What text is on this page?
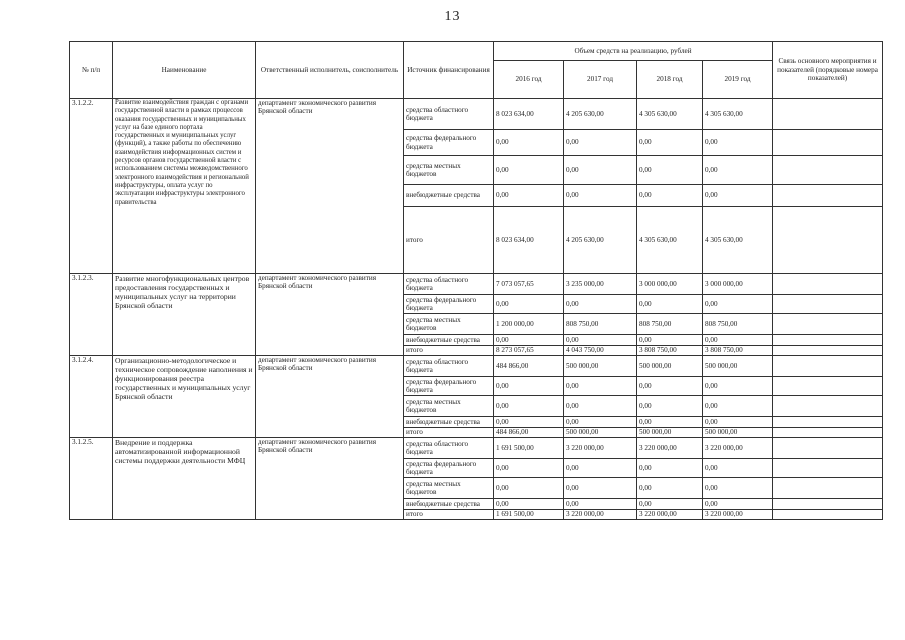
13
№ п/п	Наименование	Ответственный исполнитель, соисполнитель	Источник финансирования	Объем средств на реализацию, рублей				Связь основного мероприятия и показателей (порядковые номера показателей)
				2016 год	2017 год	2018 год	2019 год	
3.1.2.2.	Развитие взаимодействия граждан с органами государственной власти в рамках процессов оказания государственных и муниципальных услуг на базе единого портала государственных и муниципальных услуг (функций), а также работы по обеспечению взаимодействия информационных систем и ресурсов органов государственной власти с использованием системы межведомственного электронного взаимодействия и региональной инфраструктуры, оплата услуг по эксплуатации инфраструктуры электронного правительства	департамент экономического развития Брянской области	средства областного бюджета	8 023 634,00	4 205 630,00	4 305 630,00	4 305 630,00	
			средства федерального бюджета	0,00	0,00	0,00	0,00	
			средства местных бюджетов	0,00	0,00	0,00	0,00	
			внебюджетные средства	0,00	0,00	0,00	0,00	
			итого	8 023 634,00	4 205 630,00	4 305 630,00	4 305 630,00	
3.1.2.3.	Развитие многофункциональных центров предоставления государственных и муниципальных услуг на территории Брянской области	департамент экономического развития Брянской области	средства областного бюджета	7 073 057,65	3 235 000,00	3 000 000,00	3 000 000,00	
			средства федерального бюджета	0,00	0,00	0,00	0,00	
			средства местных бюджетов	1 200 000,00	808 750,00	808 750,00	808 750,00	
			внебюджетные средства	0,00	0,00	0,00	0,00	
			итого	8 273 057,65	4 043 750,00	3 808 750,00	3 808 750,00	
3.1.2.4.	Организационно-методологическое и техническое сопровождение наполнения и функционирования реестра государственных и муниципальных услуг Брянской области	департамент экономического развития Брянской области	средства областного бюджета	484 866,00	500 000,00	500 000,00	500 000,00	
			средства федерального бюджета	0,00	0,00	0,00	0,00	
			средства местных бюджетов	0,00	0,00	0,00	0,00	
			внебюджетные средства	0,00	0,00	0,00	0,00	
			итого	484 866,00	500 000,00	500 000,00	500 000,00	
3.1.2.5.	Внедрение и поддержка автоматизированной информационной системы поддержки деятельности МФЦ	департамент экономического развития Брянской области	средства областного бюджета	1 691 500,00	3 220 000,00	3 220 000,00	3 220 000,00	
			средства федерального бюджета	0,00	0,00	0,00	0,00	
			средства местных бюджетов	0,00	0,00	0,00	0,00	
			внебюджетные средства	0,00	0,00	0,00	0,00	
			итого	1 691 500,00	3 220 000,00	3 220 000,00	3 220 000,00	
